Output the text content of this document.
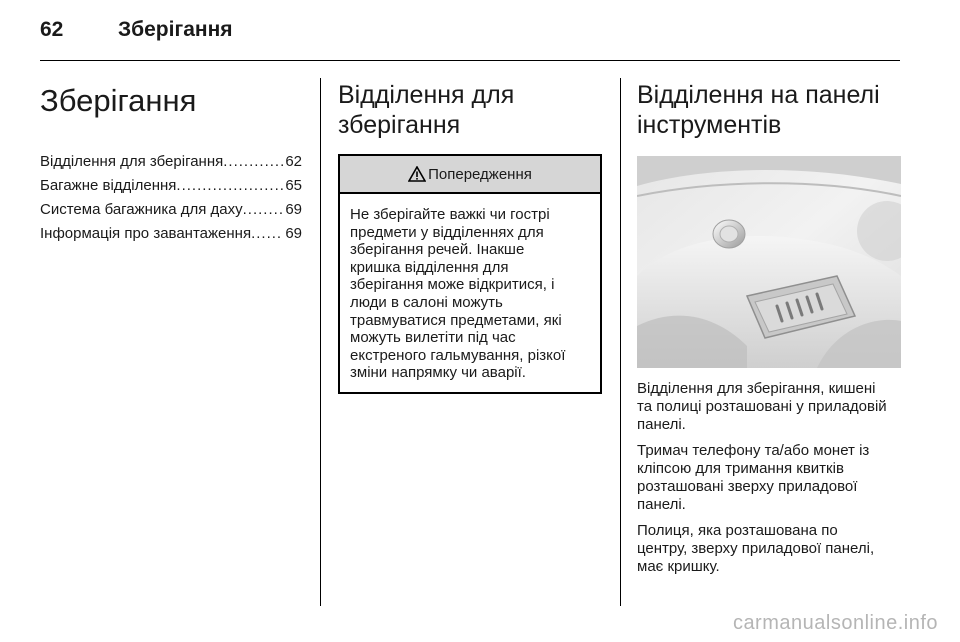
62	Зберігання
Зберігання
Відділення для зберігання .....	62
Багажне відділення .....	65
Система багажника для даху .....	69
Інформація про завантаження ..... 69
Відділення для
зберігання
Попередження
Не зберігайте важкі чи гострі
предмети у відділеннях для
зберігання речей. Інакше
кришка відділення для
зберігання може відкритися, і
люди в салоні можуть
травмуватися предметами, які
можуть вилетіти під час
екстреного гальмування, різкої
зміни напрямку чи аварії.
Відділення на панелі
інструментів

Відділення для зберігання, кишені
та полиці розташовані у приладовій
панелі.

Тримач телефону та/або монет із
кліпсою для тримання квитків
розташовані зверху приладової
панелі.

Полиця, яка розташована по
центру, зверху приладової панелі,
має кришку.

carmanualsonline.info
